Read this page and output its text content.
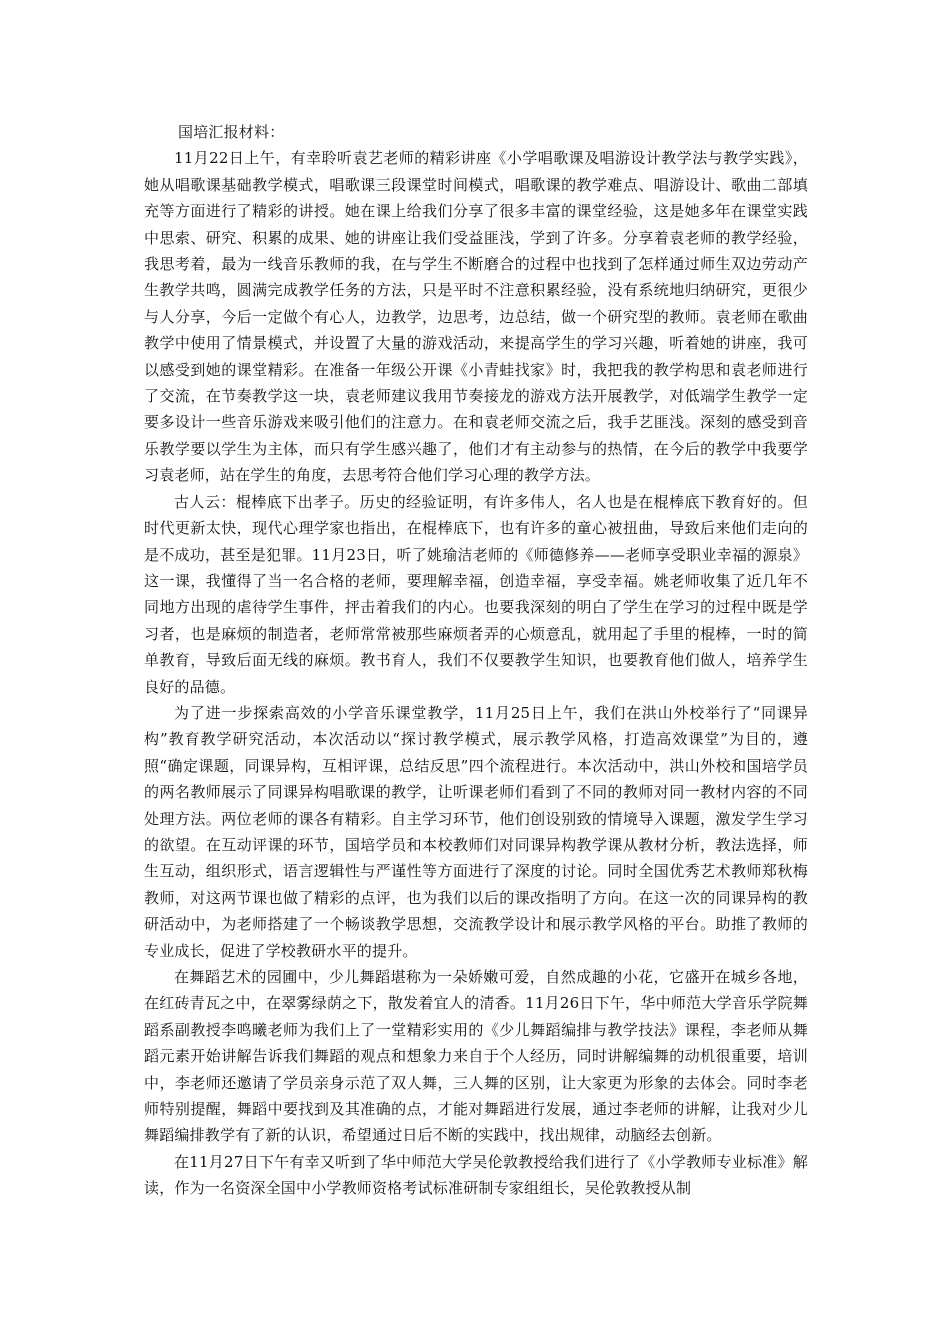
国培汇报材料：

11月22日上午，有幸聆听袁艺老师的精彩讲座《小学唱歌课及唱游设计教学法与教学实践》，她从唱歌课基础教学模式，唱歌课三段课堂时间模式，唱歌课的教学难点、唱游设计、歌曲二部填充等方面进行了精彩的讲授。她在课上给我们分享了很多丰富的课堂经验，这是她多年在课堂实践中思索、研究、积累的成果、她的讲座让我们受益匪浅，学到了许多。分享着袁老师的教学经验，我思考着，最为一线音乐教师的我，在与学生不断磨合的过程中也找到了怎样通过师生双边劳动产生教学共鸣，圆满完成教学任务的方法，只是平时不注意积累经验，没有系统地归纳研究，更很少与人分享，今后一定做个有心人，边教学，边思考，边总结，做一个研究型的教师。袁老师在歌曲教学中使用了情景模式，并设置了大量的游戏活动，来提高学生的学习兴趣，听着她的讲座，我可以感受到她的课堂精彩。在准备一年级公开课《小青蛙找家》时，我把我的教学构思和袁老师进行了交流，在节奏教学这一块，袁老师建议我用节奏接龙的游戏方法开展教学，对低端学生教学一定要多设计一些音乐游戏来吸引他们的注意力。在和袁老师交流之后，我手艺匪浅。深刻的感受到音乐教学要以学生为主体，而只有学生感兴趣了，他们才有主动参与的热情，在今后的教学中我要学习袁老师，站在学生的角度，去思考符合他们学习心理的教学方法。

古人云：棍棒底下出孝子。历史的经验证明，有许多伟人，名人也是在棍棒底下教育好的。但时代更新太快，现代心理学家也指出，在棍棒底下，也有许多的童心被扭曲，导致后来他们走向的是不成功，甚至是犯罪。11月23日，听了姚瑜洁老师的《师德修养——老师享受职业幸福的源泉》这一课，我懂得了当一名合格的老师，要理解幸福，创造幸福，享受幸福。姚老师收集了近几年不同地方出现的虐待学生事件，抨击着我们的内心。也要我深刻的明白了学生在学习的过程中既是学习者，也是麻烦的制造者，老师常常被那些麻烦者弄的心烦意乱，就用起了手里的棍棒，一时的简单教育，导致后面无线的麻烦。教书育人，我们不仅要教学生知识，也要教育他们做人，培养学生良好的品德。

为了进一步探索高效的小学音乐课堂教学，11月25日上午，我们在洪山外校举行了“同课异构”教育教学研究活动，本次活动以“探讨教学模式，展示教学风格，打造高效课堂”为目的，遵照“确定课题，同课异构，互相评课，总结反思”四个流程进行。本次活动中，洪山外校和国培学员的两名教师展示了同课异构唱歌课的教学，让听课老师们看到了不同的教师对同一教材内容的不同处理方法。两位老师的课各有精彩。自主学习环节，他们创设别致的情境导入课题，激发学生学习的欲望。在互动评课的环节，国培学员和本校教师们对同课异构教学课从教材分析，教法选择，师生互动，组织形式，语言逻辑性与严谨性等方面进行了深度的讨论。同时全国优秀艺术教师郑秋梅教师，对这两节课也做了精彩的点评，也为我们以后的课改指明了方向。在这一次的同课异构的教研活动中，为老师搭建了一个畅谈教学思想，交流教学设计和展示教学风格的平台。助推了教师的专业成长，促进了学校教研水平的提升。

在舞蹈艺术的园圃中，少儿舞蹈堪称为一朵娇嫩可爱，自然成趣的小花，它盛开在城乡各地，在红砖青瓦之中，在翠雾绿荫之下，散发着宜人的清香。11月26日下午，华中师范大学音乐学院舞蹈系副教授李鸣曦老师为我们上了一堂精彩实用的《少儿舞蹈编排与教学技法》课程，李老师从舞蹈元素开始讲解告诉我们舞蹈的观点和想象力来自于个人经历，同时讲解编舞的动机很重要，培训中，李老师还邀请了学员亲身示范了双人舞，三人舞的区别，让大家更为形象的去体会。同时李老师特别提醒，舞蹈中要找到及其准确的点，才能对舞蹈进行发展，通过李老师的讲解，让我对少儿舞蹈编排教学有了新的认识，希望通过日后不断的实践中，找出规律，动脑经去创新。

在11月27日下午有幸又听到了华中师范大学吴伦敦教授给我们进行了《小学教师专业标准》解读，作为一名资深全国中小学教师资格考试标准研制专家组组长，吴伦敦教授从制
